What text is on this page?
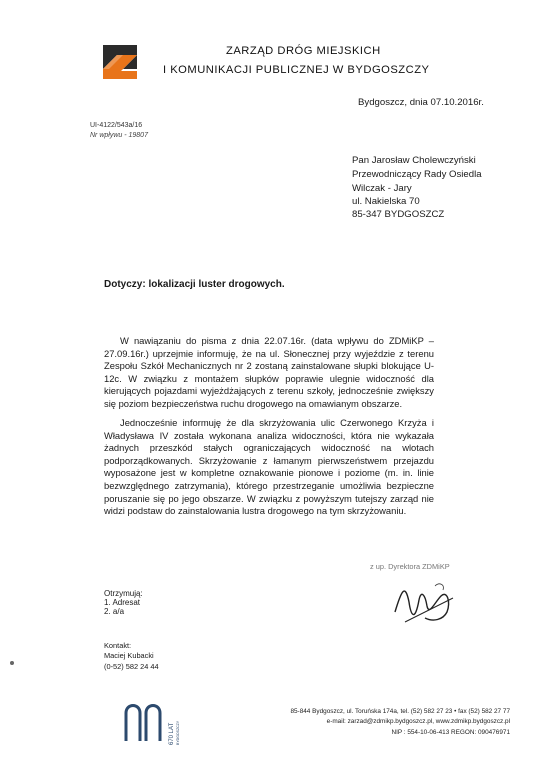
ZARZĄD DRÓG MIEJSKICH
I KOMUNIKACJI PUBLICZNEJ W BYDGOSZCZY
Bydgoszcz, dnia 07.10.2016r.
UI-4122/543a/16
Nr wpływu - 19807
Pan Jarosław Cholewczyński
Przewodniczący Rady Osiedla
Wilczak - Jary
ul. Nakielska 70
85-347 BYDGOSZCZ
Dotyczy: lokalizacji luster drogowych.
W nawiązaniu do pisma z dnia 22.07.16r. (data wpływu do ZDMiKP – 27.09.16r.) uprzejmie informuję, że na ul. Słonecznej przy wyjeździe z terenu Zespołu Szkół Mechanicznych nr 2 zostaną zainstalowane słupki blokujące U-12c. W związku z montażem słupków poprawie ulegnie widoczność dla kierujących pojazdami wyjeżdżających z terenu szkoły, jednocześnie zwiększy się poziom bezpieczeństwa ruchu drogowego na omawianym obszarze.
Jednocześnie informuję że dla skrzyżowania ulic Czerwonego Krzyża i Władysława IV została wykonana analiza widoczności, która nie wykazała żadnych przeszkód stałych ograniczających widoczność na wlotach podporządkowanych. Skrzyżowanie z łamanym pierwszeństwem przejazdu wyposażone jest w kompletne oznakowanie pionowe i poziome (m. in. linie bezwzględnego zatrzymania), którego przestrzeganie umożliwia bezpieczne poruszanie się po jego obszarze. W związku z powyższym tutejszy zarząd nie widzi podstaw do zainstalowania lustra drogowego na tym skrzyżowaniu.
z up. Dyrektora ZDMiKP
Otrzymują:
1. Adresat
2. a/a
Kontakt:
Maciej Kubacki
(0-52) 582 24 44
670 LAT BYDGOSZCZY
85-844 Bydgoszcz, ul. Toruńska 174a, tel. (52) 582 27 23 • fax (52) 582 27 77
e-mail: zarzad@zdmikp.bydgoszcz.pl, www.zdmikp.bydgoszcz.pl
NIP : 554-10-06-413 REGON: 090476971
